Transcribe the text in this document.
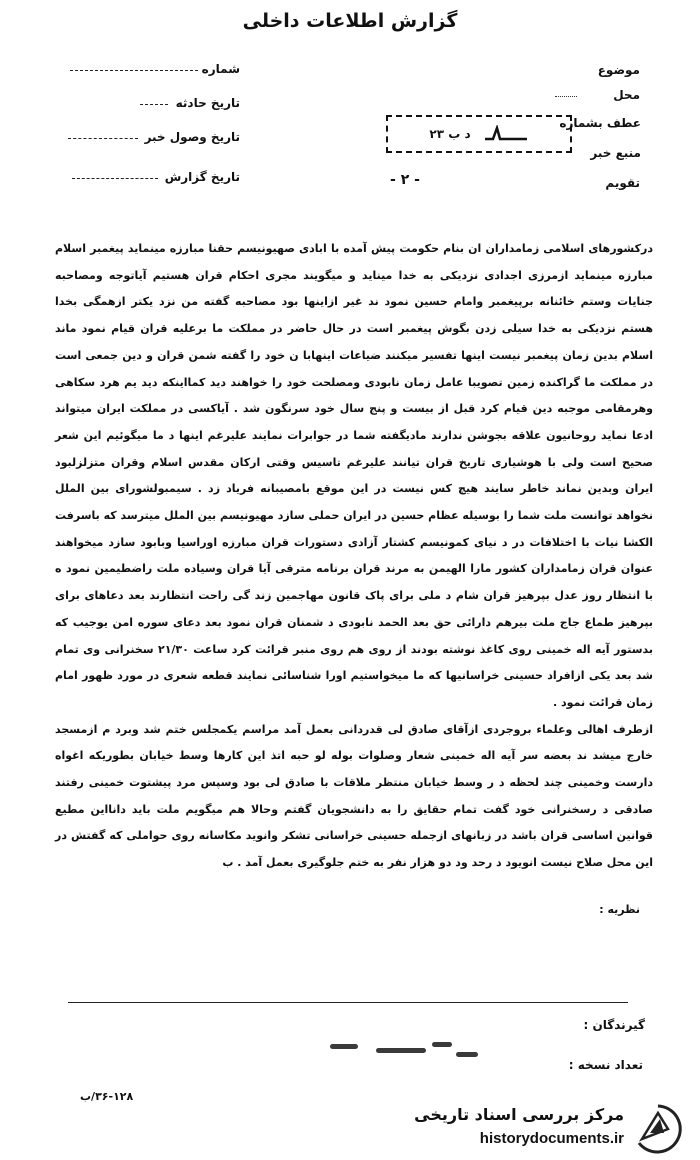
گزارش اطلاعات داخلی
شماره
تاریخ حادثه
تاریخ وصول خبر
تاریخ گزارش
موضوع
محل
عطف بشماره
منبع خبر
تقویم
د ب ۲۳
- ۲ -

درکشورهای اسلامی زمامداران ان بنام حکومت پیش آمده با ابادی صهیونیسم حقنا مبارزه مینماید پیغمبر اسلام مبارزه مینماید ازمرزی اجدادی نزدیکی به خدا میناید و میگویند مجری احکام قران هستیم آیاتوجه ومصاحبه جنایات وستم خائنانه برپیغمبر وامام حسین نمود ند غیر ازاینها بود مصاحبه گفته من نزد یکتر ازهمگی بخدا هستم نزدیکی به خدا سیلی زدن بگوش پیغمبر است در حال حاضر در مملکت ما برعلیه قران قیام نمود ماند اسلام بدین زمان پیغمبر نیست اینها تفسیر میکنند ضیاعات اینهابا ن خود را گفته شمن قران و دین جمعی است در مملکت ما گراکنده زمین تصویبا عامل زمان نابودی ومصلحت خود را خواهند دید کمااینکه دید یم هرد سکاهی وهرمقامی موجبه دین قیام کرد قبل از بیست و پنج سال خود سرنگون شد . آیاکسی در مملکت ایران میتواند ادعا نماید روحانیون علاقه بجوشن ندارند مادیگفته شما در جوابرات نمایند علیرغم اینها د ما میگوئیم این شعر صحیح است ولی با هوشیاری تاریخ قران تیانند علیرغم تاسیس وقتی ارکان مقدس اسلام وقران متزلزلبود ایران وبدین نماند خاطر سایند هیچ کس نیست در این موقع بامصیبانه فریاد زد . سیمبولشورای بین الملل نخواهد توانست ملت شما را بوسیله عظام حسین در ایران حملی سازد مهیونیسم بین الملل میترسد که باسرفت الکشا نیات با اختلافات در د نیای کمونیسم کشتار آزادی دستورات قران مبارزه اوراسیا وبابود سازد میخواهند عنوان قران زمامداران کشور مارا الهیمن به مرند قران برنامه مترقی آیا قران وسیاده ملت راضطیمین نمود ه با انتظار روز عدل بپرهیز قران شام د ملی برای پاک قانون مهاجمین زند گی راحت انتظارند بعد دعاهای برای بپرهیز طماع جاج ملت بیرهم دارائی حق بعد الحمد نابودی د شمنان قران نمود بعد دعای سوره امن یوجیب که بدستور آیه اله خمینی روی کاغذ نوشته بودند از روی هم روی منبر قرائت کرد ساعت ۲۱/۳۰ سخنرانی وی تمام شد بعد یکی ازافراد حسینی خراسانیها که ما میخواستیم اورا شناسائی نمایند قطعه شعری در مورد ظهور امام زمان قرائت نمود .

ازطرف اهالی وعلماء بروجردی ازآقای صادق لی قدردانی بعمل آمد مراسم یکمجلس ختم شد وبرد م ازمسجد خارج میشد ند بعضه سر آیه اله خمینی شعار وصلوات بوله لو حبه اتذ این کارها وسط خیابان بطوریکه اغواه دارست وخمینی چند لحظه د ر وسط خیابان منتظر ملاقات با صادق لی بود وسپس مرد پیشتوت خمینی رفتند صادقی د رسخنرانی خود گفت تمام حقایق را به دانشجویان گفتم وحالا هم میگویم ملت باید دانااین مطیع قوانین اساسی قران باشد در زبانهای ازجمله حسینی خراسانی تشکر وانوید مکاسانه روی حواملی که گفتش در این محل صلاح نیست انویود د رحد ود دو هزار نفر به ختم جلوگیری بعمل آمد . ب

نظریه :
گیرندگان :
تعداد نسخه :
۳۶-۱۲۸/ب
مرکز بررسی اسناد تاریخی
historydocuments.ir
